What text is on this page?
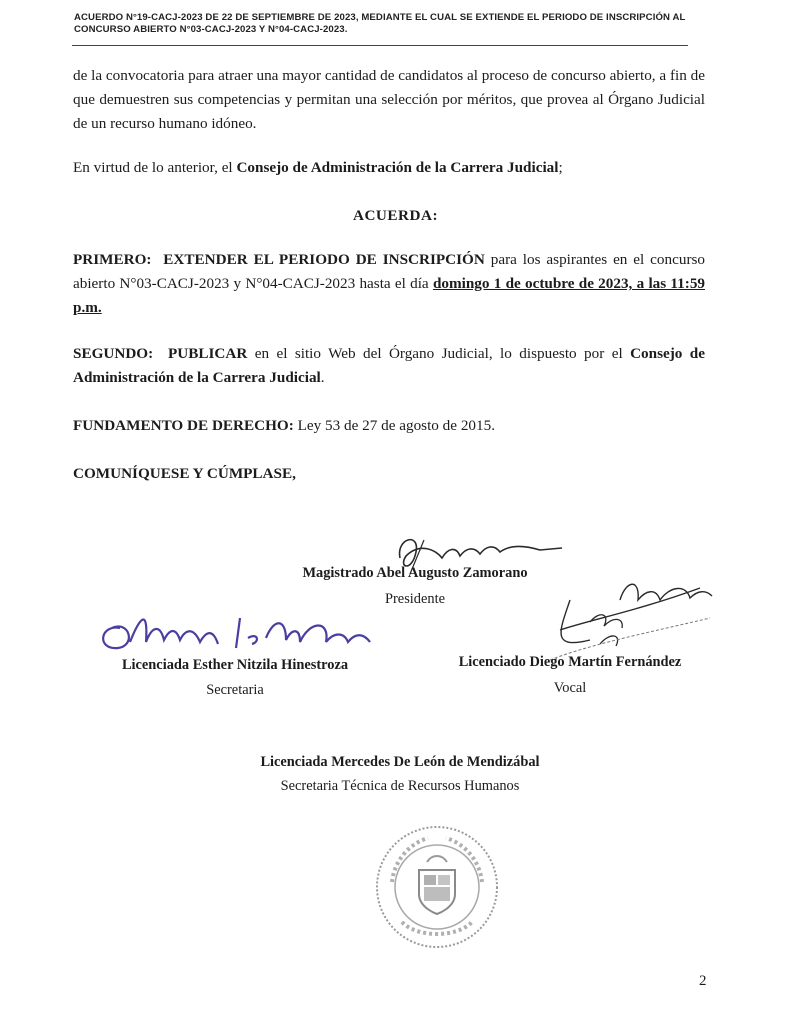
ACUERDO N°19-CACJ-2023 DE 22 DE SEPTIEMBRE DE 2023, MEDIANTE EL CUAL SE EXTIENDE EL PERIODO DE INSCRIPCIÓN AL
CONCURSO ABIERTO N°03-CACJ-2023 Y N°04-CACJ-2023.
de la convocatoria para atraer una mayor cantidad de candidatos al proceso de concurso abierto, a fin de que demuestren sus competencias y permitan una selección por méritos, que provea al Órgano Judicial de un recurso humano idóneo.
En virtud de lo anterior, el Consejo de Administración de la Carrera Judicial;
ACUERDA:
PRIMERO: EXTENDER EL PERIODO DE INSCRIPCIÓN para los aspirantes en el concurso abierto N°03-CACJ-2023 y N°04-CACJ-2023 hasta el día domingo 1 de octubre de 2023, a las 11:59 p.m.
SEGUNDO: PUBLICAR en el sitio Web del Órgano Judicial, lo dispuesto por el Consejo de Administración de la Carrera Judicial.
FUNDAMENTO DE DERECHO: Ley 53 de 27 de agosto de 2015.
COMUNÍQUESE Y CÚMPLASE,
Magistrado Abel Augusto Zamorano
Presidente
Licenciada Esther Nitzila Hinestroza
Secretaria
Licenciado Diego Martín Fernández
Vocal
Licenciada Mercedes De León de Mendizábal
Secretaria Técnica de Recursos Humanos
2
